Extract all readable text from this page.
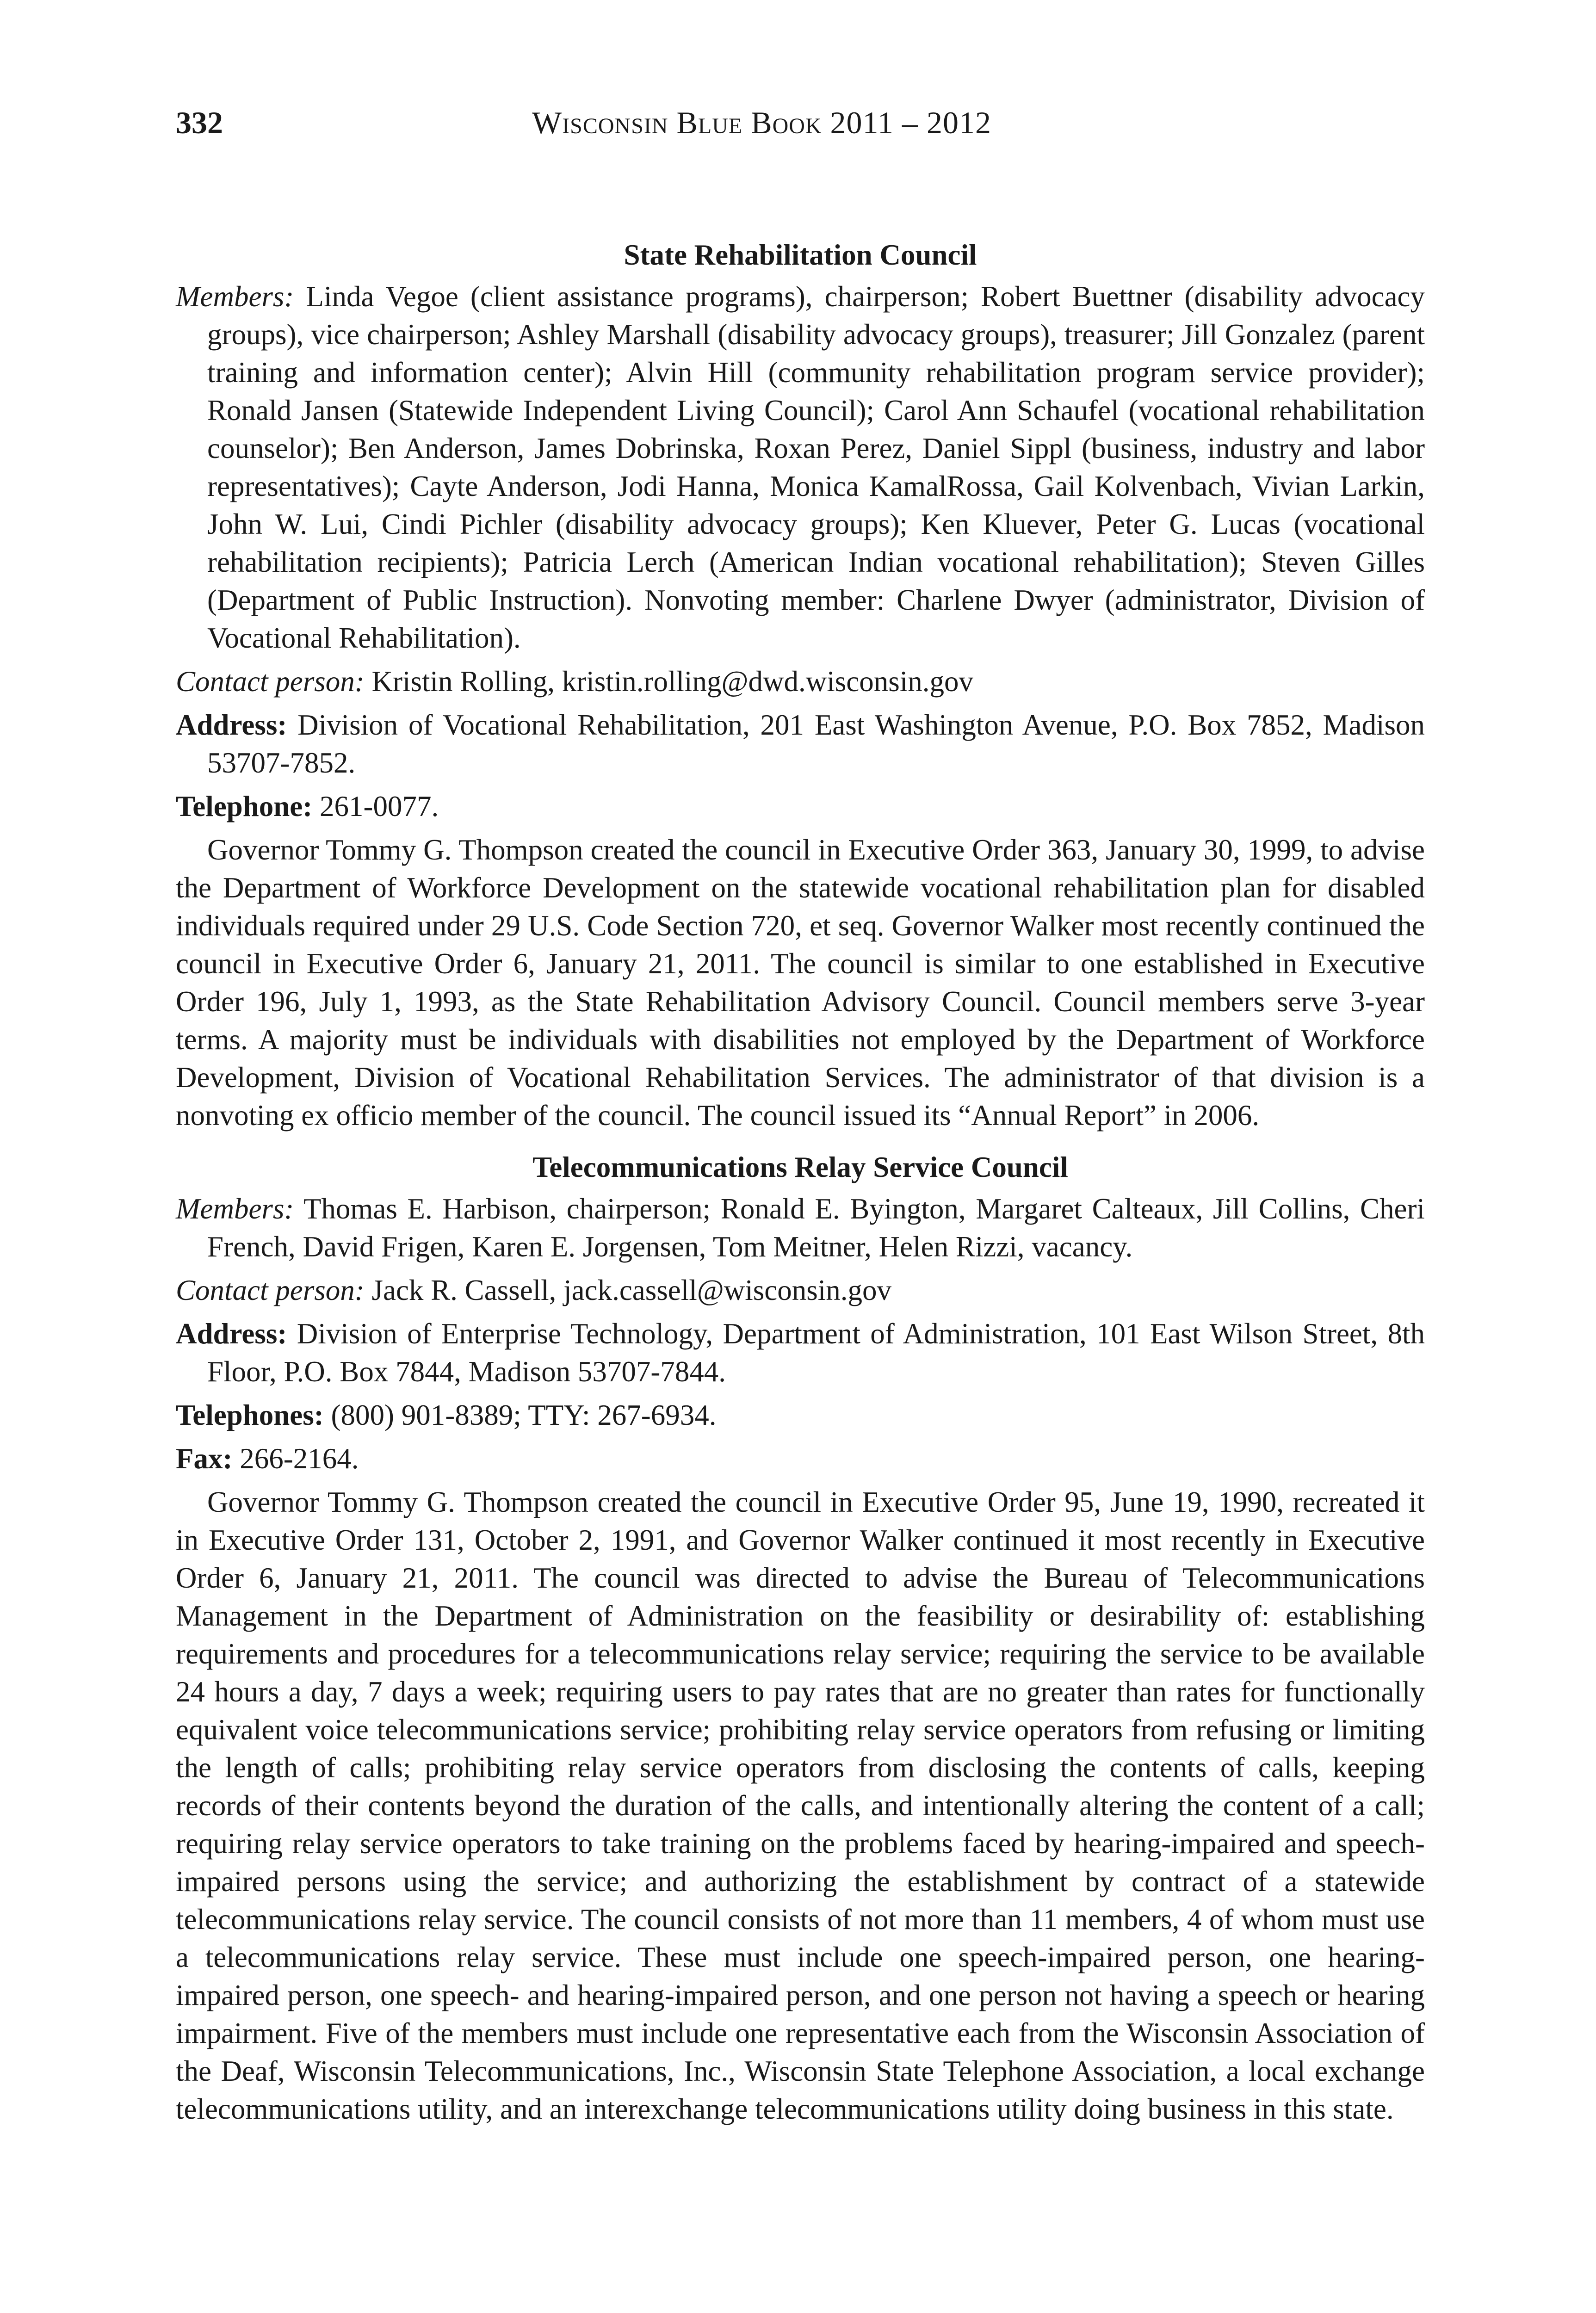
332	Wisconsin Blue Book 2011 – 2012
State Rehabilitation Council

Members: Linda Vegoe (client assistance programs), chairperson; Robert Buettner (disability advocacy groups), vice chairperson; Ashley Marshall (disability advocacy groups), treasurer; Jill Gonzalez (parent training and information center); Alvin Hill (community rehabilitation program service provider); Ronald Jansen (Statewide Independent Living Council); Carol Ann Schaufel (vocational rehabilitation counselor); Ben Anderson, James Dobrinska, Roxan Perez, Daniel Sippl (business, industry and labor representatives); Cayte Anderson, Jodi Hanna, Monica KamalRossa, Gail Kolvenbach, Vivian Larkin, John W. Lui, Cindi Pichler (disability advocacy groups); Ken Kluever, Peter G. Lucas (vocational rehabilitation recipients); Patricia Lerch (American Indian vocational rehabilitation); Steven Gilles (Department of Public Instruction). Nonvoting member: Charlene Dwyer (administrator, Division of Vocational Rehabilitation).

Contact person: Kristin Rolling, kristin.rolling@dwd.wisconsin.gov

Address: Division of Vocational Rehabilitation, 201 East Washington Avenue, P.O. Box 7852, Madison 53707-7852.

Telephone: 261-0077.

Governor Tommy G. Thompson created the council in Executive Order 363, January 30, 1999, to advise the Department of Workforce Development on the statewide vocational rehabilitation plan for disabled individuals required under 29 U.S. Code Section 720, et seq. Governor Walker most recently continued the council in Executive Order 6, January 21, 2011. The council is similar to one established in Executive Order 196, July 1, 1993, as the State Rehabilitation Advisory Council. Council members serve 3-year terms. A majority must be individuals with disabilities not employed by the Department of Workforce Development, Division of Vocational Rehabilitation Services. The administrator of that division is a nonvoting ex officio member of the council. The council issued its “Annual Report” in 2006.

Telecommunications Relay Service Council

Members: Thomas E. Harbison, chairperson; Ronald E. Byington, Margaret Calteaux, Jill Collins, Cheri French, David Frigen, Karen E. Jorgensen, Tom Meitner, Helen Rizzi, vacancy.

Contact person: Jack R. Cassell, jack.cassell@wisconsin.gov

Address: Division of Enterprise Technology, Department of Administration, 101 East Wilson Street, 8th Floor, P.O. Box 7844, Madison 53707-7844.

Telephones: (800) 901-8389; TTY: 267-6934.

Fax: 266-2164.

Governor Tommy G. Thompson created the council in Executive Order 95, June 19, 1990, recreated it in Executive Order 131, October 2, 1991, and Governor Walker continued it most recently in Executive Order 6, January 21, 2011. The council was directed to advise the Bureau of Telecommunications Management in the Department of Administration on the feasibility or desirability of: establishing requirements and procedures for a telecommunications relay service; requiring the service to be available 24 hours a day, 7 days a week; requiring users to pay rates that are no greater than rates for functionally equivalent voice telecommunications service; prohibiting relay service operators from refusing or limiting the length of calls; prohibiting relay service operators from disclosing the contents of calls, keeping records of their contents beyond the duration of the calls, and intentionally altering the content of a call; requiring relay service operators to take training on the problems faced by hearing-impaired and speech-impaired persons using the service; and authorizing the establishment by contract of a statewide telecommunications relay service. The council consists of not more than 11 members, 4 of whom must use a telecommunications relay service. These must include one speech-impaired person, one hearing-impaired person, one speech- and hearing-impaired person, and one person not having a speech or hearing impairment. Five of the members must include one representative each from the Wisconsin Association of the Deaf, Wisconsin Telecommunications, Inc., Wisconsin State Telephone Association, a local exchange telecommunications utility, and an interexchange telecommunications utility doing business in this state.
